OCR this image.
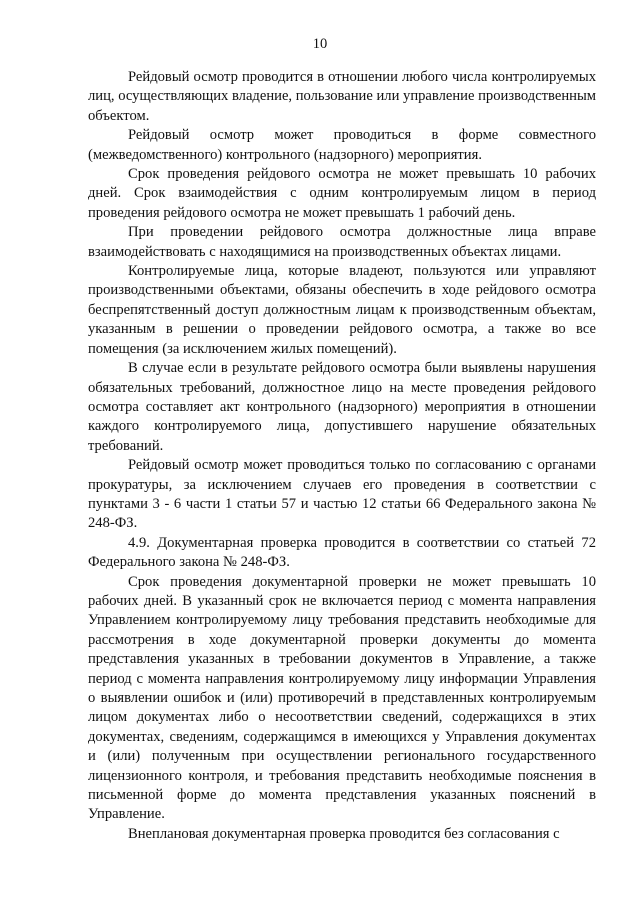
10

Рейдовый осмотр проводится в отношении любого числа контролируемых лиц, осуществляющих владение, пользование или управление производственным объектом.

Рейдовый осмотр может проводиться в форме совместного (межведомственного) контрольного (надзорного) мероприятия.

Срок проведения рейдового осмотра не может превышать 10 рабочих дней. Срок взаимодействия с одним контролируемым лицом в период проведения рейдового осмотра не может превышать 1 рабочий день.

При проведении рейдового осмотра должностные лица вправе взаимодействовать с находящимися на производственных объектах лицами.

Контролируемые лица, которые владеют, пользуются или управляют производственными объектами, обязаны обеспечить в ходе рейдового осмотра беспрепятственный доступ должностным лицам к производственным объектам, указанным в решении о проведении рейдового осмотра, а также во все помещения (за исключением жилых помещений).

В случае если в результате рейдового осмотра были выявлены нарушения обязательных требований, должностное лицо на месте проведения рейдового осмотра составляет акт контрольного (надзорного) мероприятия в отношении каждого контролируемого лица, допустившего нарушение обязательных требований.

Рейдовый осмотр может проводиться только по согласованию с органами прокуратуры, за исключением случаев его проведения в соответствии с пунктами 3 - 6 части 1 статьи 57 и частью 12 статьи 66 Федерального закона № 248-ФЗ.

4.9. Документарная проверка проводится в соответствии со статьей 72 Федерального закона № 248-ФЗ.

Срок проведения документарной проверки не может превышать 10 рабочих дней. В указанный срок не включается период с момента направления Управлением контролируемому лицу требования представить необходимые для рассмотрения в ходе документарной проверки документы до момента представления указанных в требовании документов в Управление, а также период с момента направления контролируемому лицу информации Управления о выявлении ошибок и (или) противоречий в представленных контролируемым лицом документах либо о несоответствии сведений, содержащихся в этих документах, сведениям, содержащимся в имеющихся у Управления документах и (или) полученным при осуществлении регионального государственного лицензионного контроля, и требования представить необходимые пояснения в письменной форме до момента представления указанных пояснений в Управление.

Внеплановая документарная проверка проводится без согласования с
